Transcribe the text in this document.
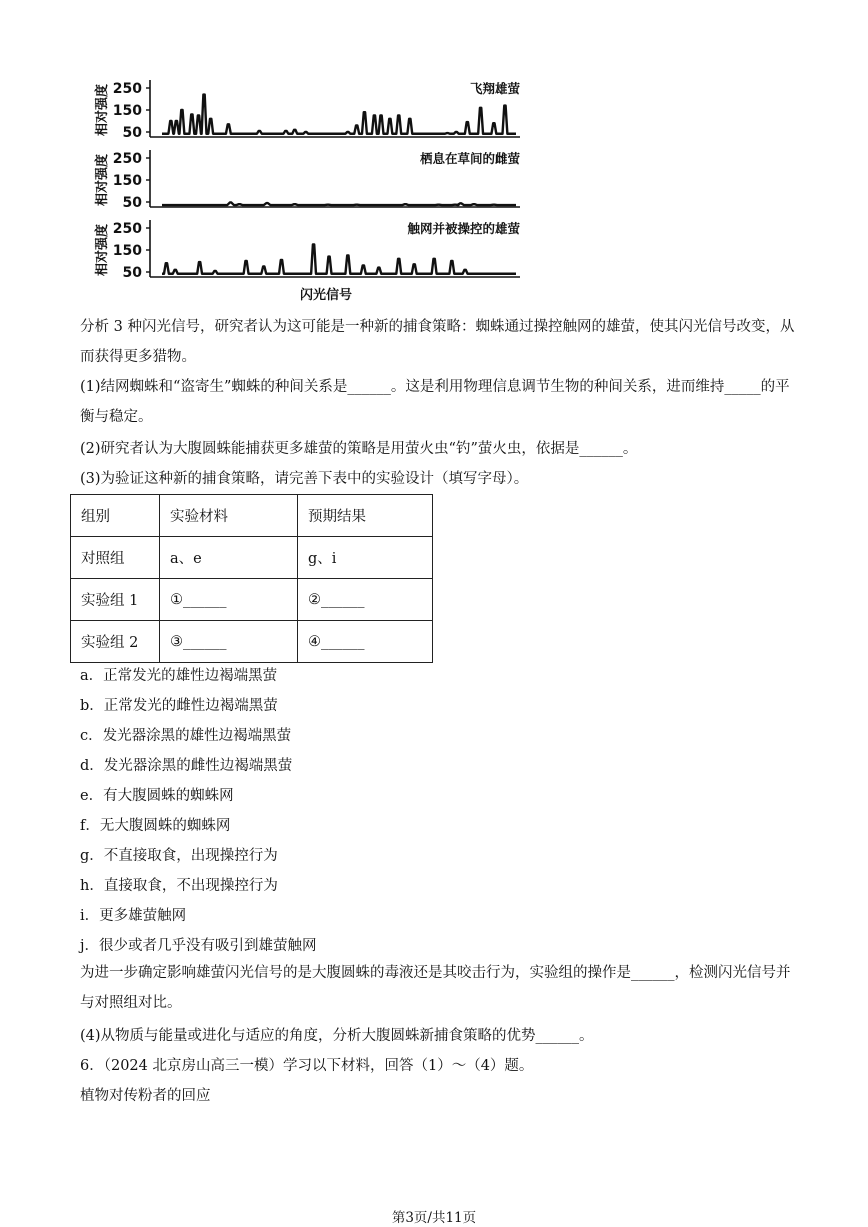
250
150
50
相对强度	飞翔雄萤
250
150
50
相对强度	栖息在草间的雌萤
250
150
50
相对强度	触网并被操控的雄萤
闪光信号
分析 3 种闪光信号，研究者认为这可能是一种新的捕食策略：蜘蛛通过操控触网的雄萤，使其闪光信号改变，从而获得更多猎物。
(1)结网蜘蛛和“盗寄生”蜘蛛的种间关系是______。这是利用物理信息调节生物的种间关系，进而维持_____的平衡与稳定。
(2)研究者认为大腹圆蛛能捕获更多雄萤的策略是用萤火虫“钓”萤火虫，依据是______。
(3)为验证这种新的捕食策略，请完善下表中的实验设计（填写字母）。
组别	实验材料	预期结果
对照组	a、e	g、i
实验组 1	①______	②______
实验组 2	③______	④______
a．正常发光的雄性边褐端黑萤
b．正常发光的雌性边褐端黑萤
c．发光器涂黑的雄性边褐端黑萤
d．发光器涂黑的雌性边褐端黑萤
e．有大腹圆蛛的蜘蛛网
f．无大腹圆蛛的蜘蛛网
g．不直接取食，出现操控行为
h．直接取食，不出现操控行为
i．更多雄萤触网
j．很少或者几乎没有吸引到雄萤触网
为进一步确定影响雄萤闪光信号的是大腹圆蛛的毒液还是其咬击行为，实验组的操作是______，检测闪光信号并与对照组对比。
(4)从物质与能量或进化与适应的角度，分析大腹圆蛛新捕食策略的优势______。
6．（2024 北京房山高三一模）学习以下材料，回答（1）～（4）题。
植物对传粉者的回应
第3页/共11页
